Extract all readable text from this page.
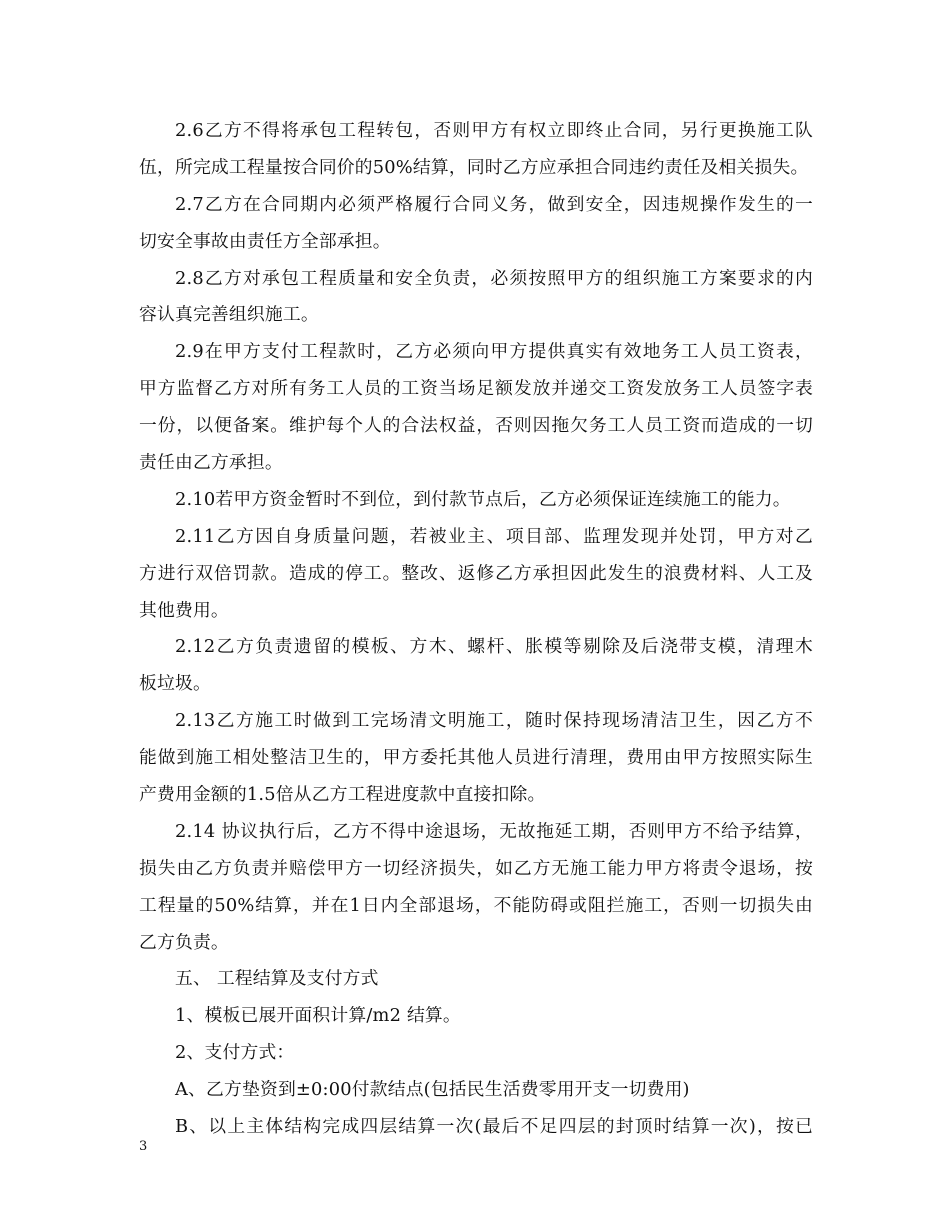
2.6乙方不得将承包工程转包，否则甲方有权立即终止合同，另行更换施工队
伍，所完成工程量按合同价的50%结算，同时乙方应承担合同违约责任及相关损失。
2.7乙方在合同期内必须严格履行合同义务，做到安全，因违规操作发生的一
切安全事故由责任方全部承担。
2.8乙方对承包工程质量和安全负责，必须按照甲方的组织施工方案要求的内
容认真完善组织施工。
2.9在甲方支付工程款时，乙方必须向甲方提供真实有效地务工人员工资表，
甲方监督乙方对所有务工人员的工资当场足额发放并递交工资发放务工人员签字表
一份，以便备案。维护每个人的合法权益，否则因拖欠务工人员工资而造成的一切
责任由乙方承担。
2.10若甲方资金暂时不到位，到付款节点后，乙方必须保证连续施工的能力。
2.11乙方因自身质量问题，若被业主、项目部、监理发现并处罚，甲方对乙
方进行双倍罚款。造成的停工。整改、返修乙方承担因此发生的浪费材料、人工及
其他费用。
2.12乙方负责遗留的模板、方木、螺杆、胀模等剔除及后浇带支模，清理木
板垃圾。
2.13乙方施工时做到工完场清文明施工，随时保持现场清洁卫生，因乙方不
能做到施工相处整洁卫生的，甲方委托其他人员进行清理，费用由甲方按照实际生
产费用金额的1.5倍从乙方工程进度款中直接扣除。
2.14 协议执行后，乙方不得中途退场，无故拖延工期，否则甲方不给予结算，
损失由乙方负责并赔偿甲方一切经济损失，如乙方无施工能力甲方将责令退场，按
工程量的50%结算，并在1日内全部退场，不能防碍或阻拦施工，否则一切损失由
乙方负责。
五、 工程结算及支付方式
1、模板已展开面积计算/m2 结算。
2、支付方式：
A、乙方垫资到±0:00付款结点(包括民生活费零用开支一切费用)
B、以上主体结构完成四层结算一次(最后不足四层的封顶时结算一次)，按已
3
